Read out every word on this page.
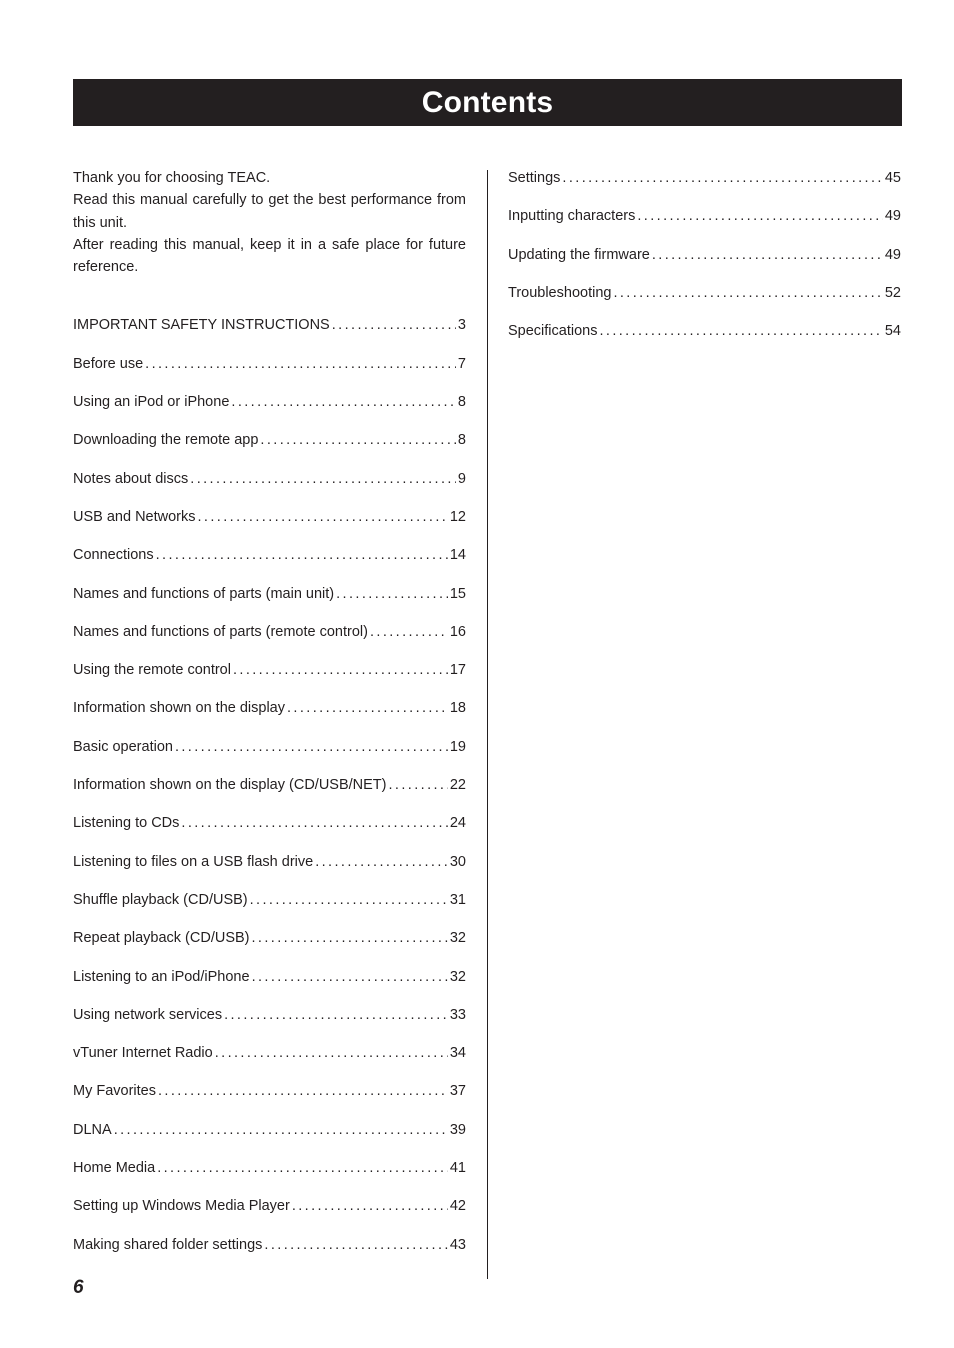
Contents

Thank you for choosing TEAC.

Read this manual carefully to get the best performance from this unit.

After reading this manual, keep it in a safe place for future reference.

IMPORTANT SAFETY INSTRUCTIONS .....	3
Before use .....	7
Using an iPod or iPhone .....	8
Downloading the remote app .....	8
Notes about discs .....	9
USB and Networks .....	12
Connections .....	14
Names and functions of parts (main unit) .....	15
Names and functions of parts (remote control) .....	16
Using the remote control .....	17
Information shown on the display .....	18
Basic operation .....	19
Information shown on the display (CD/USB/NET) .....	22
Listening to CDs .....	24
Listening to files on a USB flash drive .....	30
Shuffle playback (CD/USB) .....	31
Repeat playback (CD/USB) .....	32
Listening to an iPod/iPhone .....	32
Using network services .....	33
vTuner Internet Radio .....	34
My Favorites .....	37
DLNA .....	39
Home Media .....	41
Setting up Windows Media Player .....	42
Making shared folder settings .....	43
Settings .....	45
Inputting characters .....	49
Updating the firmware .....	49
Troubleshooting .....	52
Specifications .....	54
6
